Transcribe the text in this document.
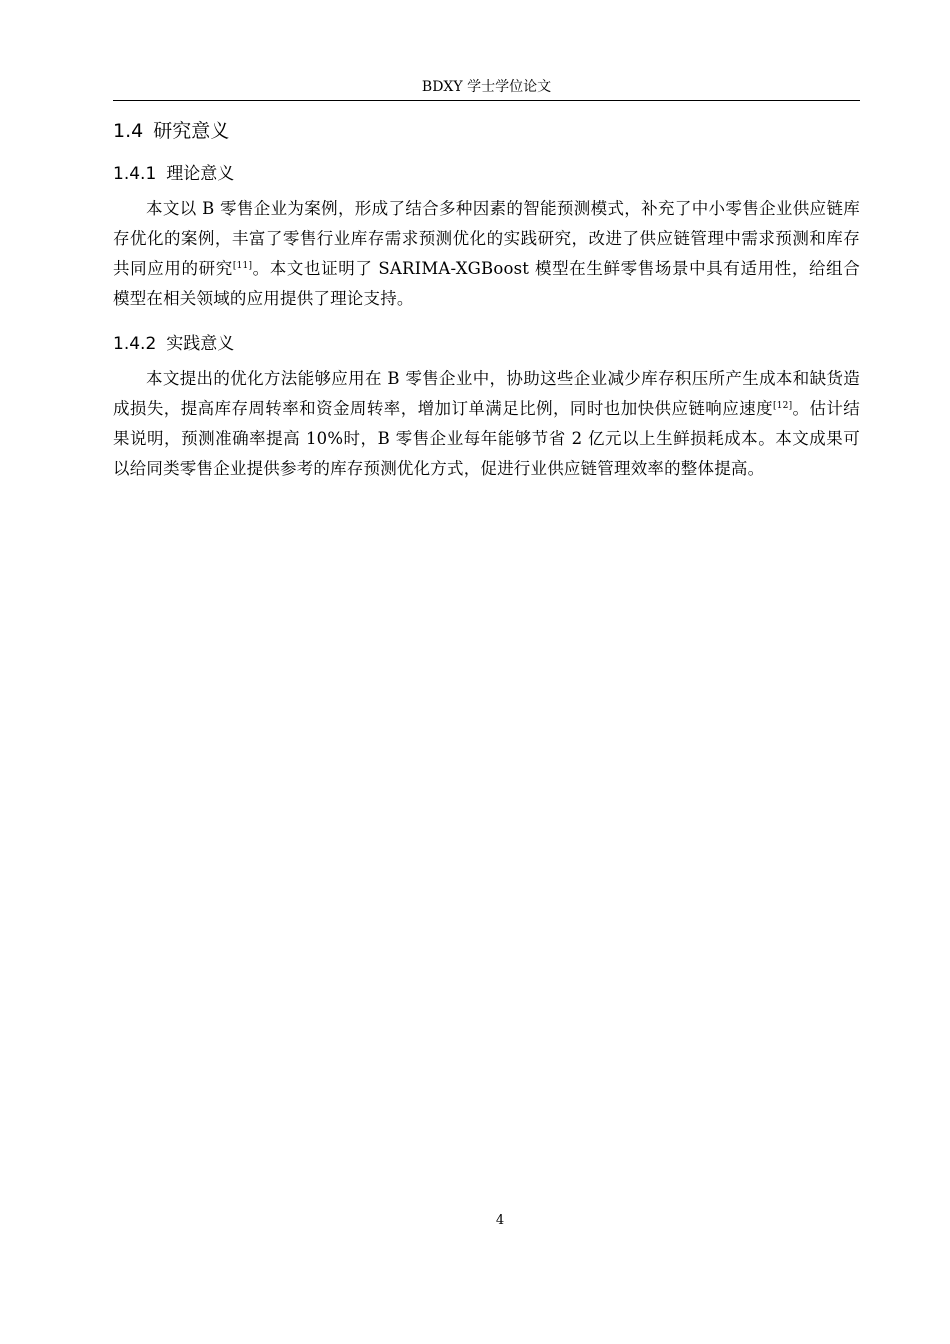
BDXY 学士学位论文
1.4 研究意义
1.4.1 理论意义

本文以 B 零售企业为案例，形成了结合多种因素的智能预测模式，补充了中小零售企业供应链库存优化的案例，丰富了零售行业库存需求预测优化的实践研究，改进了供应链管理中需求预测和库存共同应用的研究[11]。本文也证明了 SARIMA-XGBoost 模型在生鲜零售场景中具有适用性，给组合模型在相关领域的应用提供了理论支持。

1.4.2 实践意义

本文提出的优化方法能够应用在 B 零售企业中，协助这些企业减少库存积压所产生成本和缺货造成损失，提高库存周转率和资金周转率，增加订单满足比例，同时也加快供应链响应速度[12]。估计结果说明，预测准确率提高 10%时，B 零售企业每年能够节省 2 亿元以上生鲜损耗成本。本文成果可以给同类零售企业提供参考的库存预测优化方式，促进行业供应链管理效率的整体提高。

4
